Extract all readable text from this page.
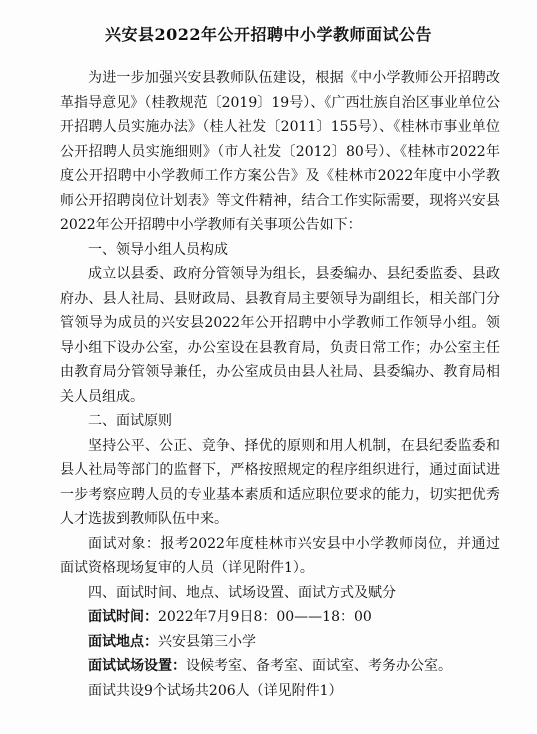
兴安县2022年公开招聘中小学教师面试公告

为进一步加强兴安县教师队伍建设，根据《中小学教师公开招聘改革指导意见》（桂教规范〔2019〕19号）、《广西壮族自治区事业单位公开招聘人员实施办法》（桂人社发〔2011〕155号）、《桂林市事业单位公开招聘人员实施细则》（市人社发〔2012〕80号）、《桂林市2022年度公开招聘中小学教师工作方案公告》及《桂林市2022年度中小学教师公开招聘岗位计划表》等文件精神，结合工作实际需要，现将兴安县2022年公开招聘中小学教师有关事项公告如下：

一、领导小组人员构成

成立以县委、政府分管领导为组长，县委编办、县纪委监委、县政府办、县人社局、县财政局、县教育局主要领导为副组长，相关部门分管领导为成员的兴安县2022年公开招聘中小学教师工作领导小组。领导小组下设办公室，办公室设在县教育局，负责日常工作；办公室主任由教育局分管领导兼任，办公室成员由县人社局、县委编办、教育局相关人员组成。

二、面试原则

坚持公平、公正、竞争、择优的原则和用人机制，在县纪委监委和县人社局等部门的监督下，严格按照规定的程序组织进行，通过面试进一步考察应聘人员的专业基本素质和适应职位要求的能力，切实把优秀人才选拔到教师队伍中来。

面试对象：报考2022年度桂林市兴安县中小学教师岗位，并通过面试资格现场复审的人员（详见附件1）。

四、面试时间、地点、试场设置、面试方式及赋分

面试时间：2022年7月9日8：00——18：00

面试地点：兴安县第三小学

面试试场设置：设候考室、备考室、面试室、考务办公室。

面试共设9个试场共206人（详见附件1）
